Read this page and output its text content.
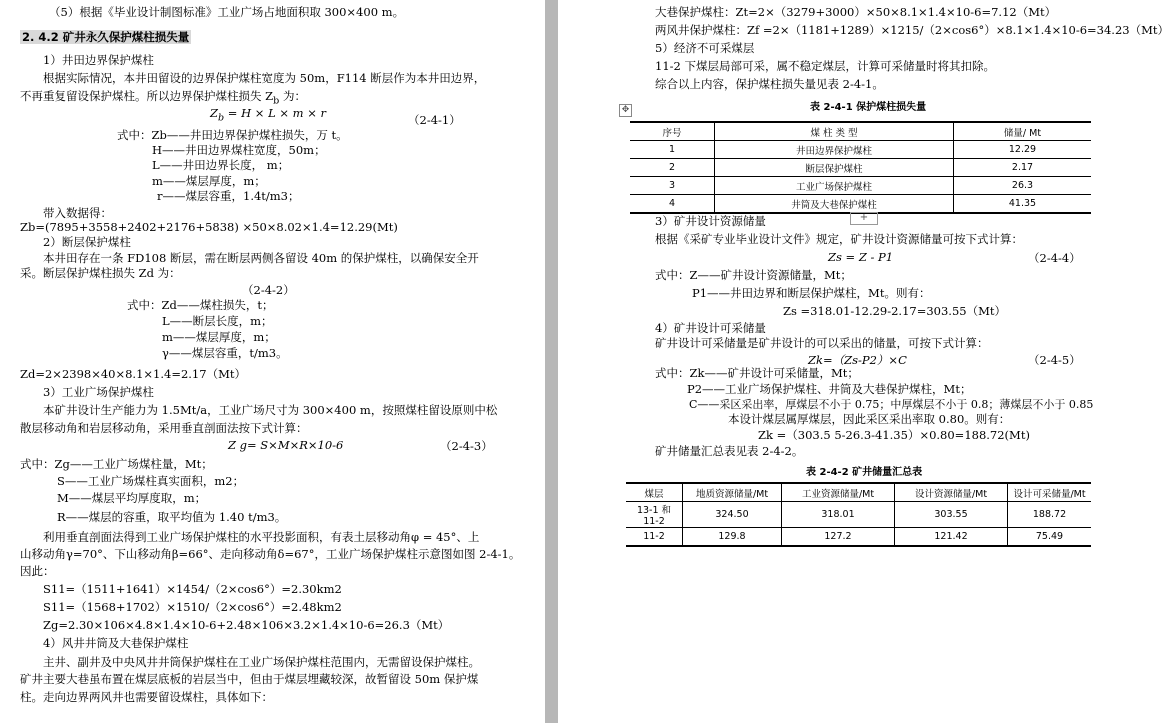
（5）根据《毕业设计制图标准》工业广场占地面积取 300×400 m。
2. 4.2 矿井永久保护煤柱损失量
1）井田边界保护煤柱
根据实际情况，本井田留设的边界保护煤柱宽度为 50m，F114 断层作为本井田边界，
不再重复留设保护煤柱。所以边界保护煤柱损失 $Z_b$ 为：
$Z_b = H \times L \times m \times r$	（2-4-1）
式中：Zb——井田边界保护煤柱损失，万 t。
H——井田边界煤柱宽度，50m；
L——井田边界长度， m；
m——煤层厚度，m；
r——煤层容重，1.4t/m3；
带入数据得：
Zb=(7895+3558+2402+2176+5838) ×50×8.02×1.4=12.29(Mt)
2）断层保护煤柱
本井田存在一条 FD108 断层，需在断层两侧各留设 40m 的保护煤柱，以确保安全开
采。断层保护煤柱损失 Zd 为：
（2-4-2）
式中：Zd——煤柱损失，t；
L——断层长度，m；
m——煤层厚度，m；
γ——煤层容重，t/m3。
Zd=2×2398×40×8.1×1.4=2.17（Mt）
3）工业广场保护煤柱
本矿井设计生产能力为 1.5Mt/a，工业广场尺寸为 300×400 m，按照煤柱留设原则中松
散层移动角和岩层移动角，采用垂直剖面法按下式计算：
Z g= S×M×R×10-6	（2-4-3）
式中：Zg——工业广场煤柱量，Mt；
S——工业广场煤柱真实面积，m2；
M——煤层平均厚度取，m；
R——煤层的容重，取平均值为 1.40 t/m3。
利用垂直剖面法得到工业广场保护煤柱的水平投影面积，有表土层移动角φ = 45°、上
山移动角γ=70°、下山移动角β=66°、走向移动角δ=67°，工业广场保护煤柱示意图如图 2-4-1。
因此：
S11=（1511+1641）×1454/（2×cos6°）=2.30km2
S11=（1568+1702）×1510/（2×cos6°）=2.48km2
Zg=2.30×106×4.8×1.4×10-6+2.48×106×3.2×1.4×10-6=26.3（Mt）
4）风井井筒及大巷保护煤柱
主井、副井及中央风井井筒保护煤柱在工业广场保护煤柱范围内，无需留设保护煤柱。
矿井主要大巷虽布置在煤层底板的岩层当中，但由于煤层埋藏较深，故暂留设 50m 保护煤
柱。走向边界两风井也需要留设煤柱，具体如下：
大巷保护煤柱：Zt=2×（3279+3000）×50×8.1×1.4×10-6=7.12（Mt）
两风井保护煤柱：Zf =2×（1181+1289）×1215/（2×cos6°）×8.1×1.4×10-6=34.23（Mt）
5）经济不可采煤层
11-2 下煤层局部可采，属不稳定煤层，计算可采储量时将其扣除。
综合以上内容，保护煤柱损失量见表 2-4-1。
表 2-4-1 保护煤柱损失量
序号	煤 柱 类 型	储量/ Mt
1	井田边界保护煤柱	12.29
2	断层保护煤柱	2.17
3	工业广场保护煤柱	26.3
4	井筒及大巷保护煤柱	41.35
3）矿井设计资源储量
根据《采矿专业毕业设计文件》规定，矿井设计资源储量可按下式计算：
Zs = Z - P1	（2-4-4）
式中：Z——矿井设计资源储量，Mt；
P1——井田边界和断层保护煤柱，Mt。则有：
Zs =318.01-12.29-2.17=303.55（Mt）
4）矿井设计可采储量
矿井设计可采储量是矿井设计的可以采出的储量，可按下式计算：
Zk=（Zs-P2）×C	（2-4-5）
式中：Zk——矿井设计可采储量，Mt；
P2——工业广场保护煤柱、井筒及大巷保护煤柱，Mt；
C——采区采出率，厚煤层不小于 0.75；中厚煤层不小于 0.8；薄煤层不小于 0.85
本设计煤层属厚煤层，因此采区采出率取 0.80。则有：
Zk =（303.5 5-26.3-41.35）×0.80=188.72(Mt)
矿井储量汇总表见表 2-4-2。
表 2-4-2 矿井储量汇总表
煤层	地质资源储量/Mt	工业资源储量/Mt	设计资源储量/Mt	设计可采储量/Mt
13-1 和 11-2	324.50	318.01	303.55	188.72
11-2	129.8	127.2	121.42	75.49
✥
+
